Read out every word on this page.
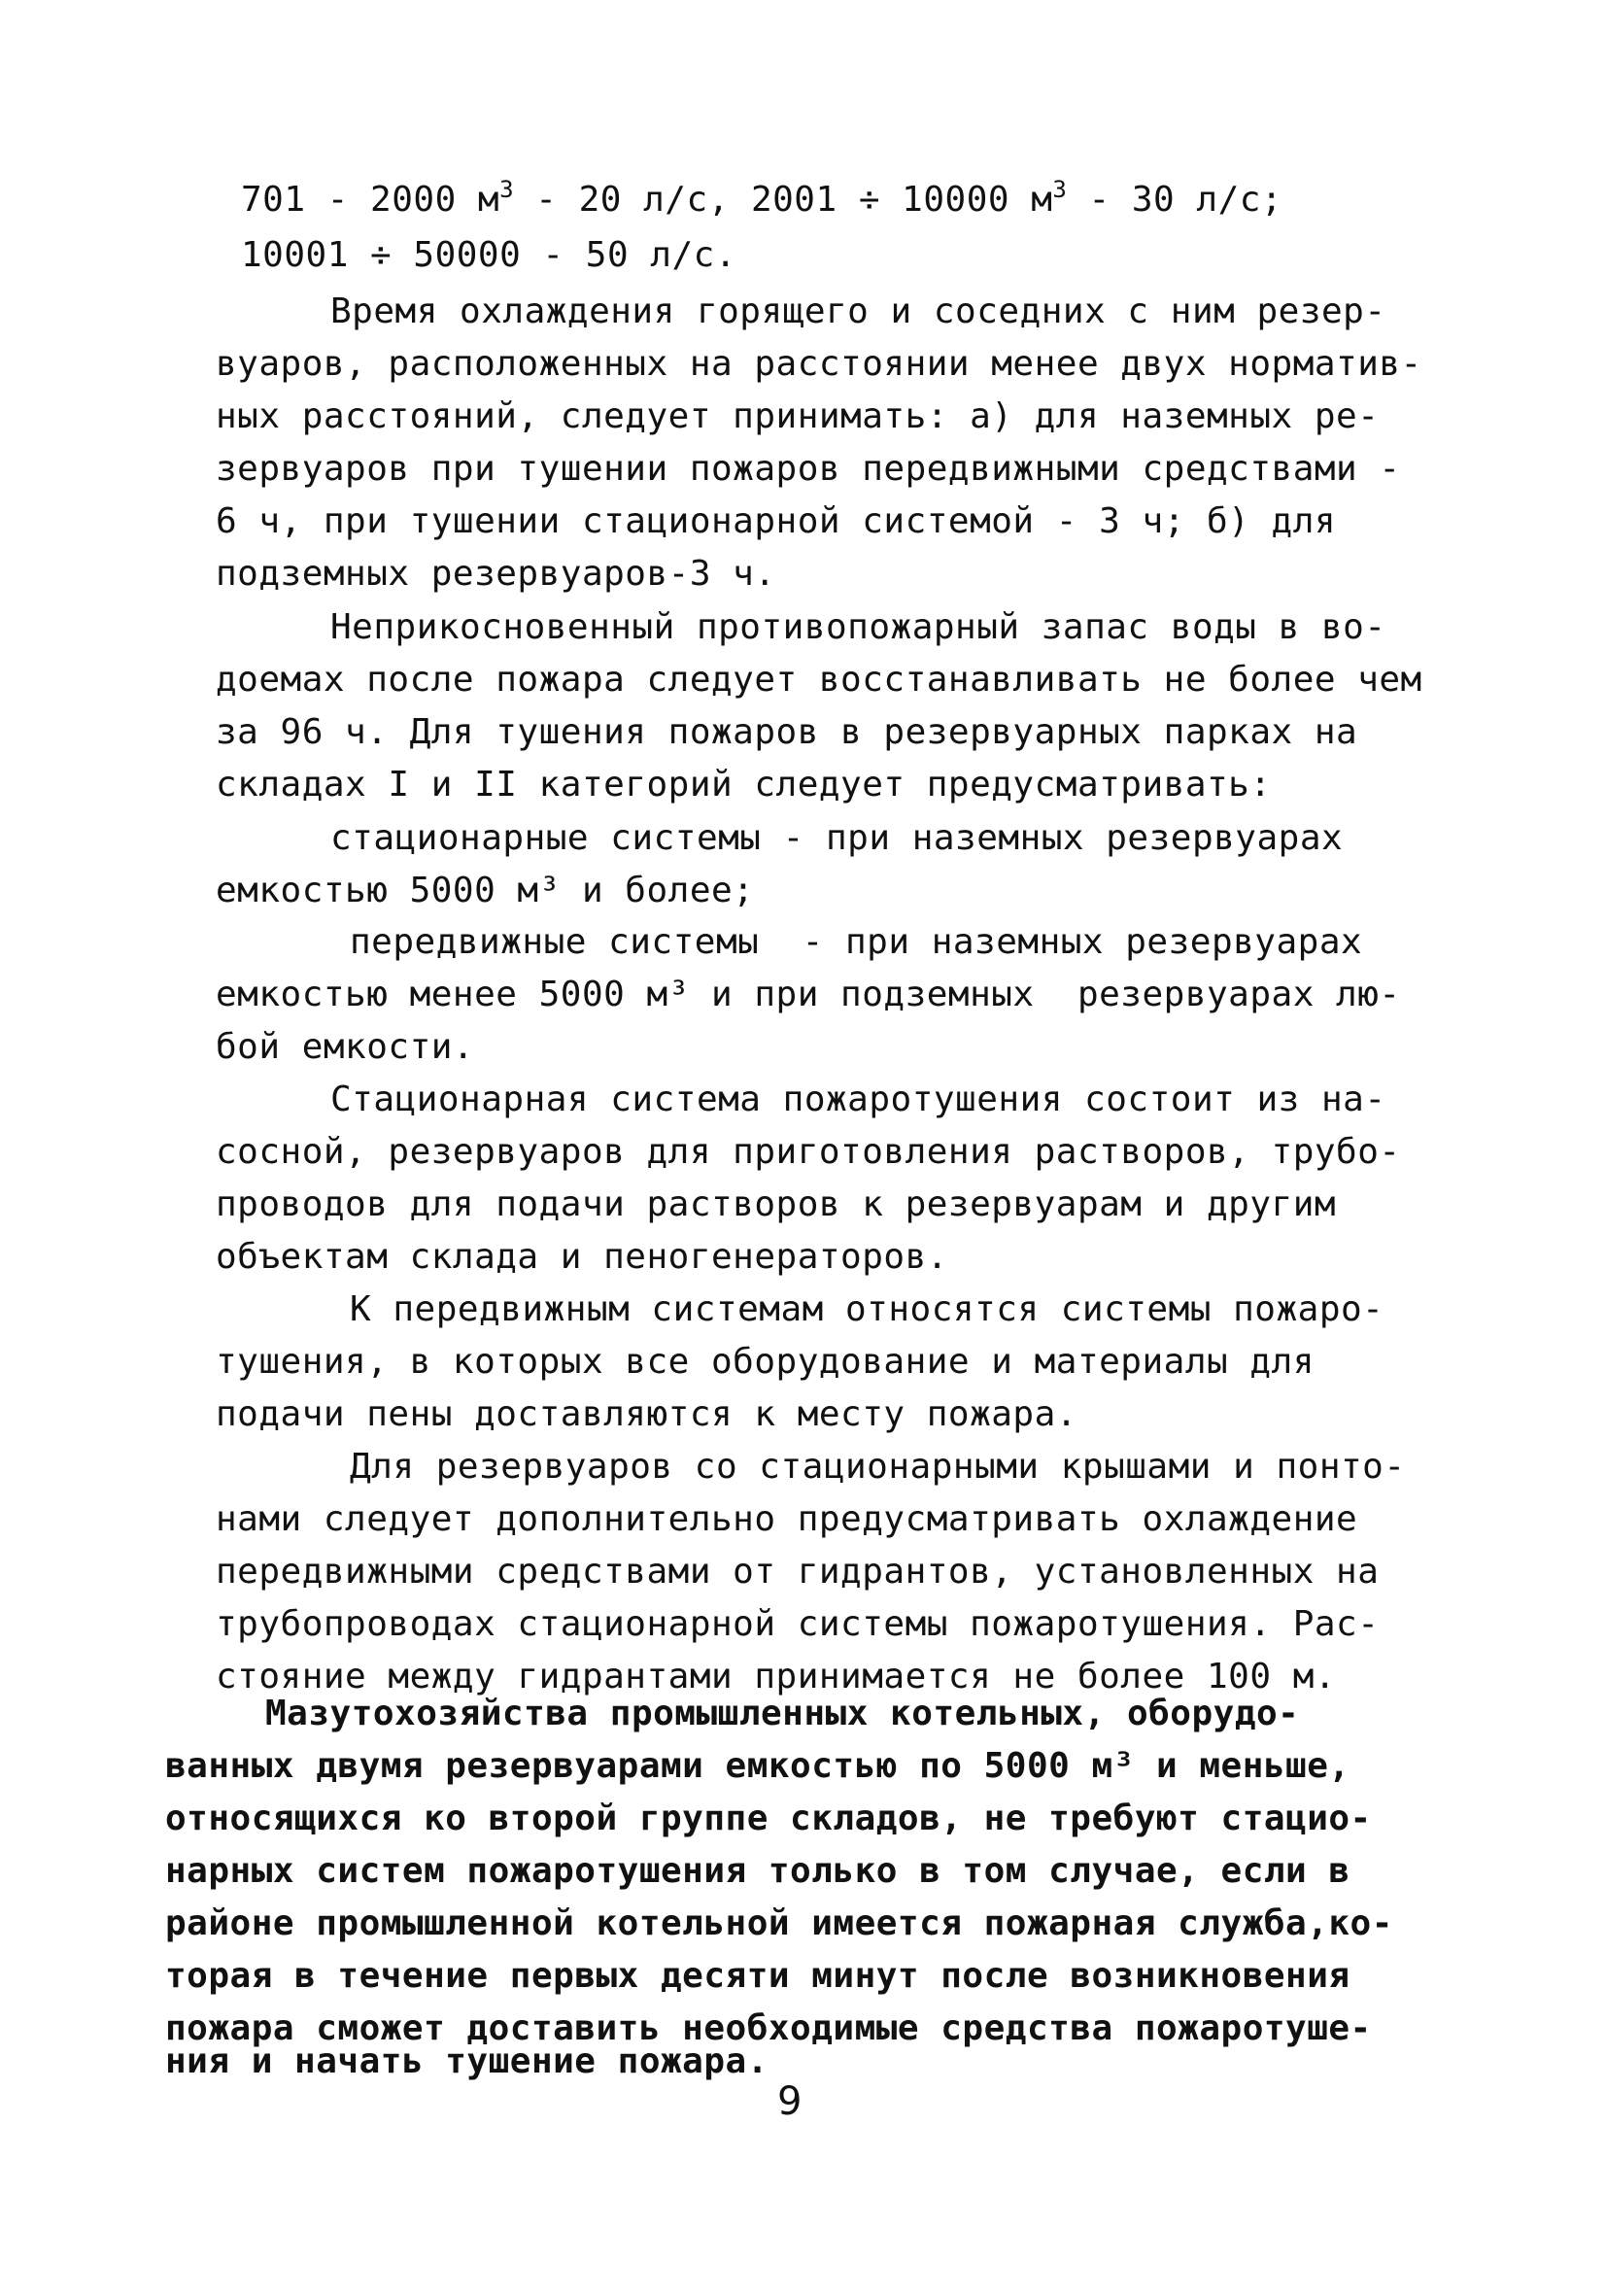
701 - 2000 $м^3 - 20$ л/с, 2001 ÷ 10000 $м^3 - 30$ л/с;
10001 ÷ 50000 - 50 л/с.
Время охлаждения горящего и соседних с ним резер-
вуаров, расположенных на расстоянии менее двух норматив-
ных расстояний, следует принимать: а) для наземных ре-
зервуаров при тушении пожаров передвижными средствами -
6 ч, при тушении стационарной системой - 3 ч; б) для
подземных резервуаров-3 ч.
Неприкосновенный противопожарный запас воды в во-
доемах после пожара следует восстанавливать не более чем
за 96 ч. Для тушения пожаров в резервуарных парках на
складах I и II категорий следует предусматривать:
стационарные системы - при наземных резервуарах
емкостью 5000 м³ и более;
передвижные системы  - при наземных резервуарах
емкостью менее 5000 м³ и при подземных  резервуарах лю-
бой емкости.
Стационарная система пожаротушения состоит из на-
сосной, резервуаров для приготовления растворов, трубо-
проводов для подачи растворов к резервуарам и другим
объектам склада и пеногенераторов.
К передвижным системам относятся системы пожаро-
тушения, в которых все оборудование и материалы для
подачи пены доставляются к месту пожара.
Для резервуаров со стационарными крышами и понто-
нами следует дополнительно предусматривать охлаждение
передвижными средствами от гидрантов, установленных на
трубопроводах стационарной системы пожаротушения. Рас-
стояние между гидрантами принимается не более 100 м.
Мазутохозяйства промышленных котельных, оборудо-
ванных двумя резервуарами емкостью по 5000 м³ и меньше,
относящихся ко второй группе складов, не требуют стацио-
нарных систем пожаротушения только в том случае, если в
районе промышленной котельной имеется пожарная служба,ко-
торая в течение первых десяти минут после возникновения
пожара сможет доставить необходимые средства пожаротуше-
ния и начать тушение пожара.
9
